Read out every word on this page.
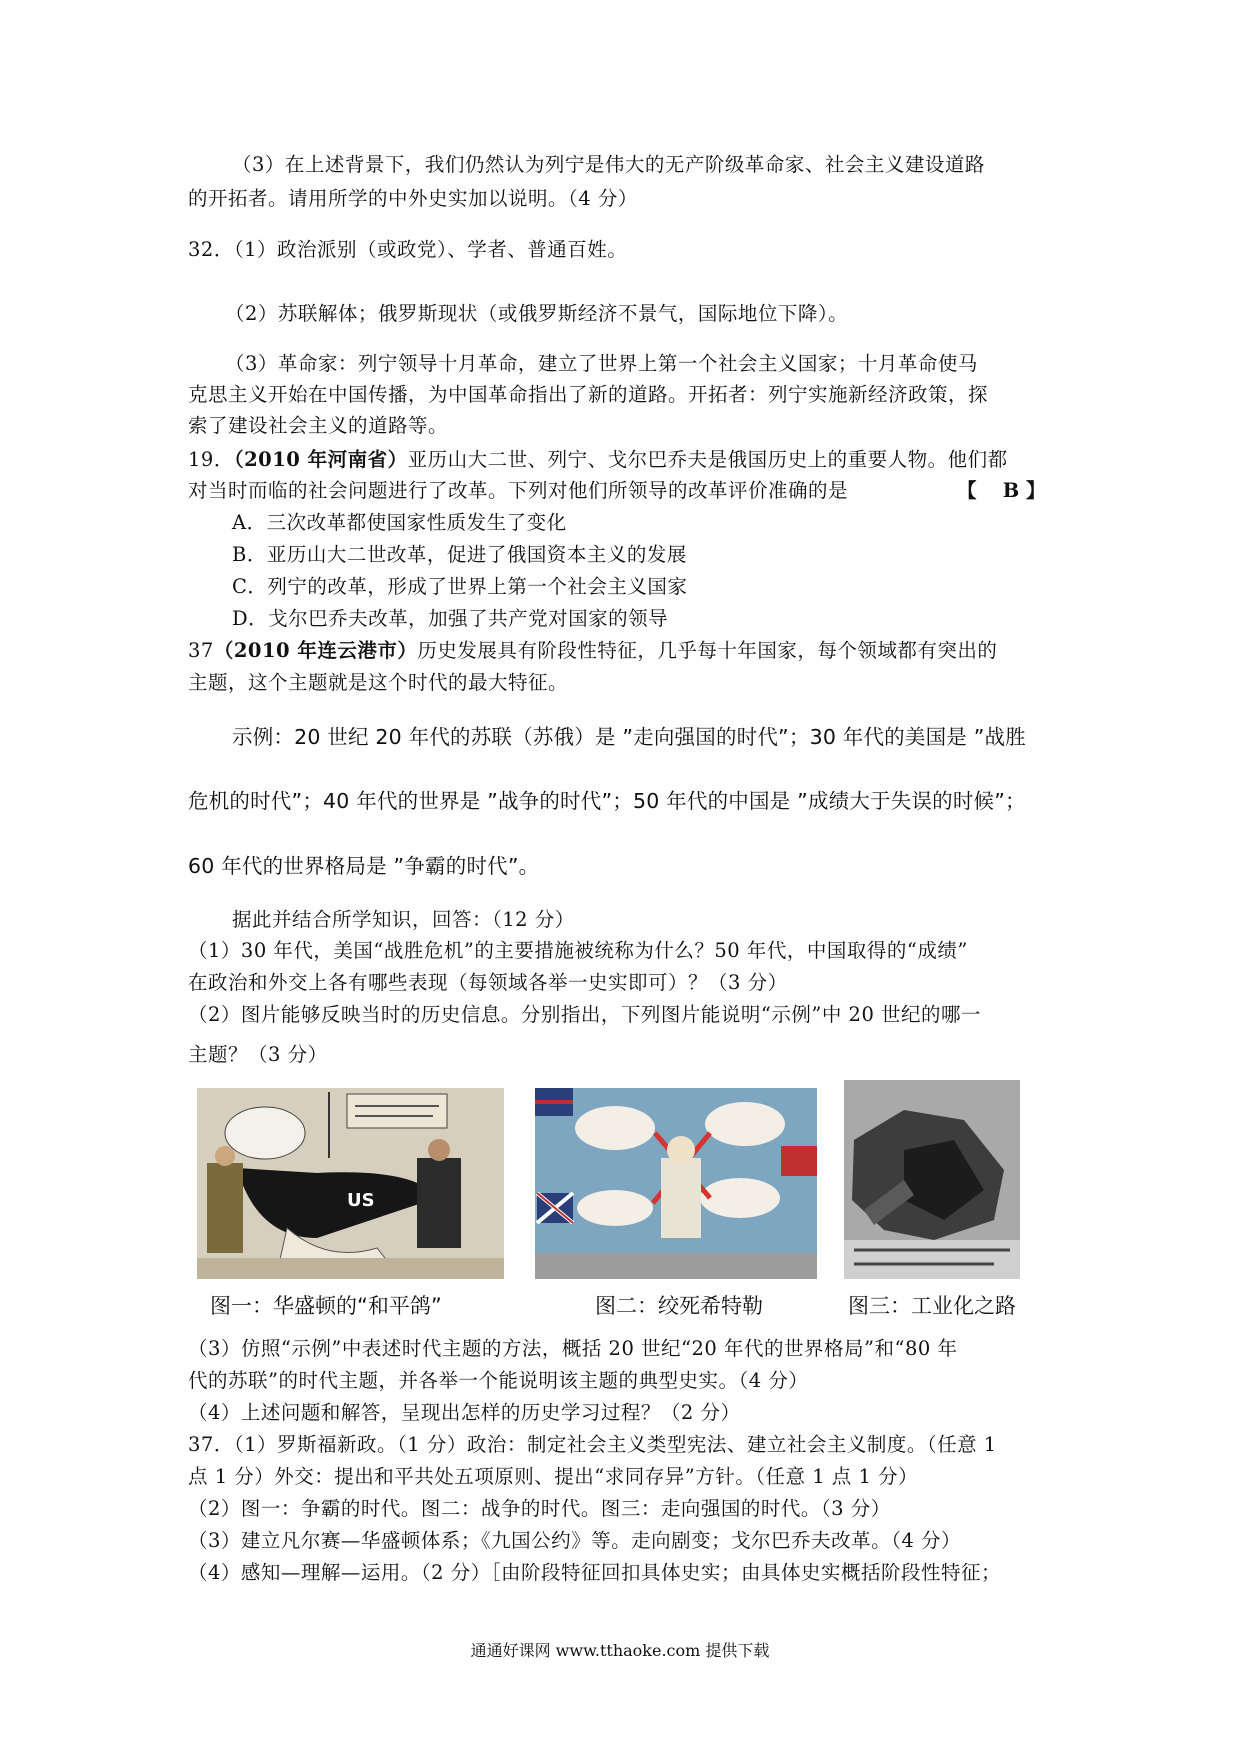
（3）在上述背景下，我们仍然认为列宁是伟大的无产阶级革命家、社会主义建设道路
的开拓者。请用所学的中外史实加以说明。（4 分）
32．（1）政治派别（或政党）、学者、普通百姓。
（2）苏联解体；俄罗斯现状（或俄罗斯经济不景气，国际地位下降）。
（3）革命家：列宁领导十月革命，建立了世界上第一个社会主义国家；十月革命使马
克思主义开始在中国传播，为中国革命指出了新的道路。开拓者：列宁实施新经济政策，探
索了建设社会主义的道路等。
19．（2010 年河南省）亚历山大二世、列宁、戈尔巴乔夫是俄国历史上的重要人物。他们都
对当时而临的社会问题进行了改革。下列对他们所领导的改革评价准确的是	【　 B 】
A．三次改革都使国家性质发生了变化
B．亚历山大二世改革，促进了俄国资本主义的发展
C．列宁的改革，形成了世界上第一个社会主义国家
D．戈尔巴乔夫改革，加强了共产党对国家的领导
37（2010 年连云港市）历史发展具有阶段性特征，几乎每十年国家，每个领域都有突出的
主题，这个主题就是这个时代的最大特征。
示例：20 世纪 20 年代的苏联（苏俄）是 ”走向强国的时代”；30 年代的美国是 ”战胜
危机的时代”；40 年代的世界是 ”战争的时代”；50 年代的中国是 ”成绩大于失误的时候”；
60 年代的世界格局是 ”争霸的时代”。
据此并结合所学知识，回答：（12 分）
（1）30 年代，美国“战胜危机”的主要措施被统称为什么？50 年代，中国取得的“成绩”
在政治和外交上各有哪些表现（每领域各举一史实即可）？（3 分）
（2）图片能够反映当时的历史信息。分别指出，下列图片能说明“示例”中 20 世纪的哪一
主题？（3 分）
US
图一：华盛顿的“和平鸽”	图二：绞死希特勒	图三：工业化之路
（3）仿照“示例”中表述时代主题的方法，概括 20 世纪“20 年代的世界格局”和“80 年
代的苏联”的时代主题，并各举一个能说明该主题的典型史实。（4 分）
（4）上述问题和解答，呈现出怎样的历史学习过程？（2 分）
37．（1）罗斯福新政。（1 分）政治：制定社会主义类型宪法、建立社会主义制度。（任意 1
点 1 分）外交：提出和平共处五项原则、提出“求同存异”方针。（任意 1 点 1 分）
（2）图一：争霸的时代。图二：战争的时代。图三：走向强国的时代。（3 分）
（3）建立凡尔赛—华盛顿体系；《九国公约》等。走向剧变；戈尔巴乔夫改革。（4 分）
（4）感知—理解—运用。（2 分）［由阶段特征回扣具体史实；由具体史实概括阶段性特征；
通通好课网 www.tthaoke.com 提供下载
